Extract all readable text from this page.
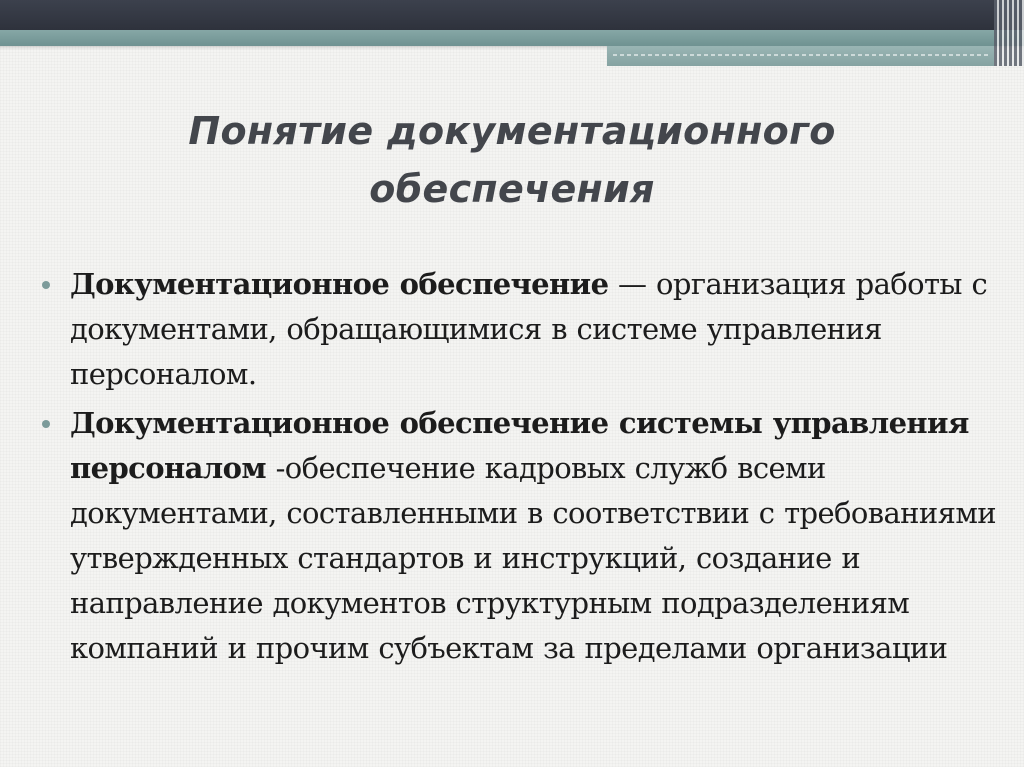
Понятие документационного
обеспечения
Документационное обеспечение — организация работы с документами, обращающимися в системе управления персоналом.
Документационное обеспечение системы управления персоналом -обеспечение кадровых служб всеми документами, составленными в соответствии с требованиями утвержденных стандартов и инструкций, создание и направление документов структурным подразделениям компаний и прочим субъектам за пределами организации
